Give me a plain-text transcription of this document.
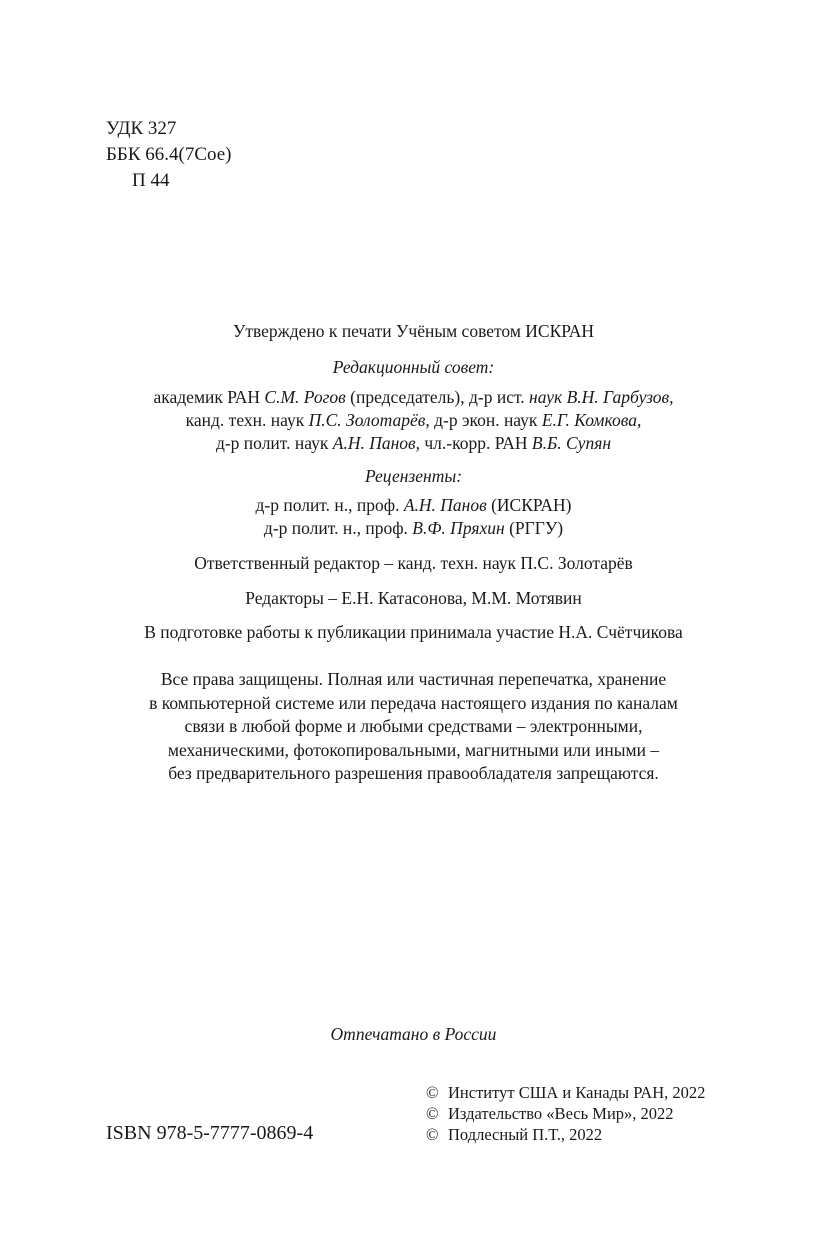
УДК 327
ББК 66.4(7Сое)
П 44
Утверждено к печати Учёным советом ИСКРАН
Редакционный совет:
академик РАН С.М. Рогов (председатель), д-р ист. наук В.Н. Гарбузов,
канд. техн. наук П.С. Золотарёв, д-р экон. наук Е.Г. Комкова,
д-р полит. наук А.Н. Панов, чл.-корр. РАН В.Б. Супян
Рецензенты:
д-р полит. н., проф. А.Н. Панов (ИСКРАН)
д-р полит. н., проф. В.Ф. Пряхин (РГГУ)
Ответственный редактор – канд. техн. наук П.С. Золотарёв
Редакторы – Е.Н. Катасонова, М.М. Мотявин
В подготовке работы к публикации принимала участие Н.А. Счётчикова
Все права защищены. Полная или частичная перепечатка, хранение
в компьютерной системе или передача настоящего издания по каналам
связи в любой форме и любыми средствами – электронными,
механическими, фотокопировальными, магнитными или иными –
без предварительного разрешения правообладателя запрещаются.
Отпечатано в России
ISBN 978-5-7777-0869-4
© Институт США и Канады РАН, 2022
© Издательство «Весь Мир», 2022
© Подлесный П.Т., 2022
